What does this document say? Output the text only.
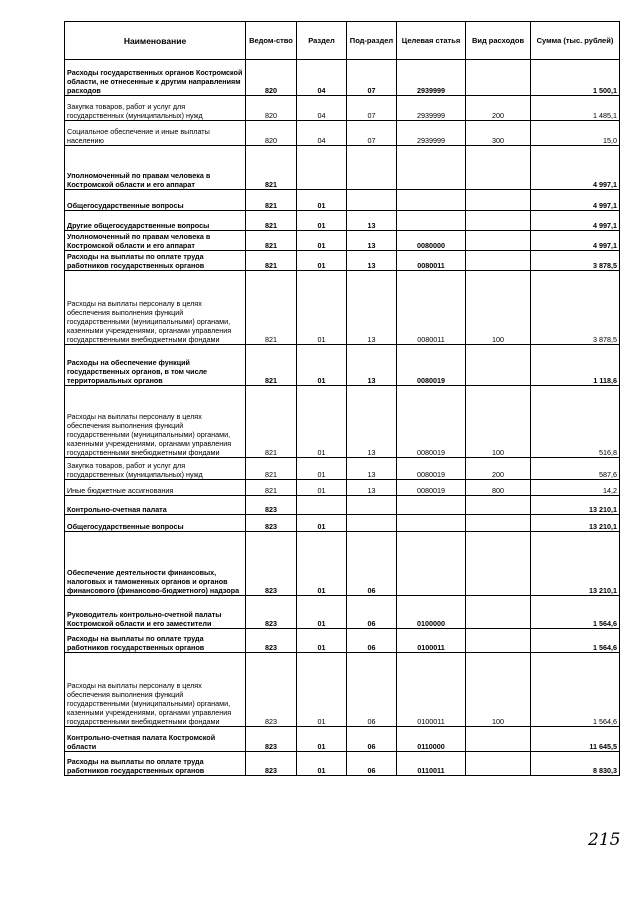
Наименование	Ведом-ство	Раздел	Под-раздел	Целевая статья	Вид расходов	Сумма (тыс. рублей)
Расходы государственных органов Костромской области, не отнесенные к другим направлениям расходов	820	04	07	2939999		1 500,1
Закупка товаров, работ и услуг для государственных (муниципальных) нужд	820	04	07	2939999	200	1 485,1
Социальное обеспечение и иные выплаты населению	820	04	07	2939999	300	15,0
Уполномоченный по правам человека в Костромской области и его аппарат	821					4 997,1
Общегосударственные вопросы	821	01				4 997,1
Другие общегосударственные вопросы	821	01	13			4 997,1
Уполномоченный по правам человека в Костромской области и его аппарат	821	01	13	0080000		4 997,1
Расходы на выплаты по оплате труда работников государственных органов	821	01	13	0080011		3 878,5
Расходы на выплаты персоналу в целях обеспечения выполнения функций государственными (муниципальными) органами, казенными учреждениями, органами управления государственными внебюджетными фондами	821	01	13	0080011	100	3 878,5
Расходы на обеспечение функций государственных органов, в том числе территориальных органов	821	01	13	0080019		1 118,6
Расходы на выплаты персоналу в целях обеспечения выполнения функций государственными (муниципальными) органами, казенными учреждениями, органами управления государственными внебюджетными фондами	821	01	13	0080019	100	516,8
Закупка товаров, работ и услуг для государственных (муниципальных) нужд	821	01	13	0080019	200	587,6
Иные бюджетные ассигнования	821	01	13	0080019	800	14,2
Контрольно-счетная палата	823					13 210,1
Общегосударственные вопросы	823	01				13 210,1
Обеспечение деятельности финансовых, налоговых и таможенных органов и органов финансового (финансово-бюджетного) надзора	823	01	06			13 210,1
Руководитель контрольно-счетной палаты Костромской области и его заместители	823	01	06	0100000		1 564,6
Расходы на выплаты по оплате труда работников государственных органов	823	01	06	0100011		1 564,6
Расходы на выплаты персоналу в целях обеспечения выполнения функций государственными (муниципальными) органами, казенными учреждениями, органами управления государственными внебюджетными фондами	823	01	06	0100011	100	1 564,6
Контрольно-счетная палата Костромской области	823	01	06	0110000		11 645,5
Расходы на выплаты по оплате труда работников государственных органов	823	01	06	0110011		8 830,3
215
